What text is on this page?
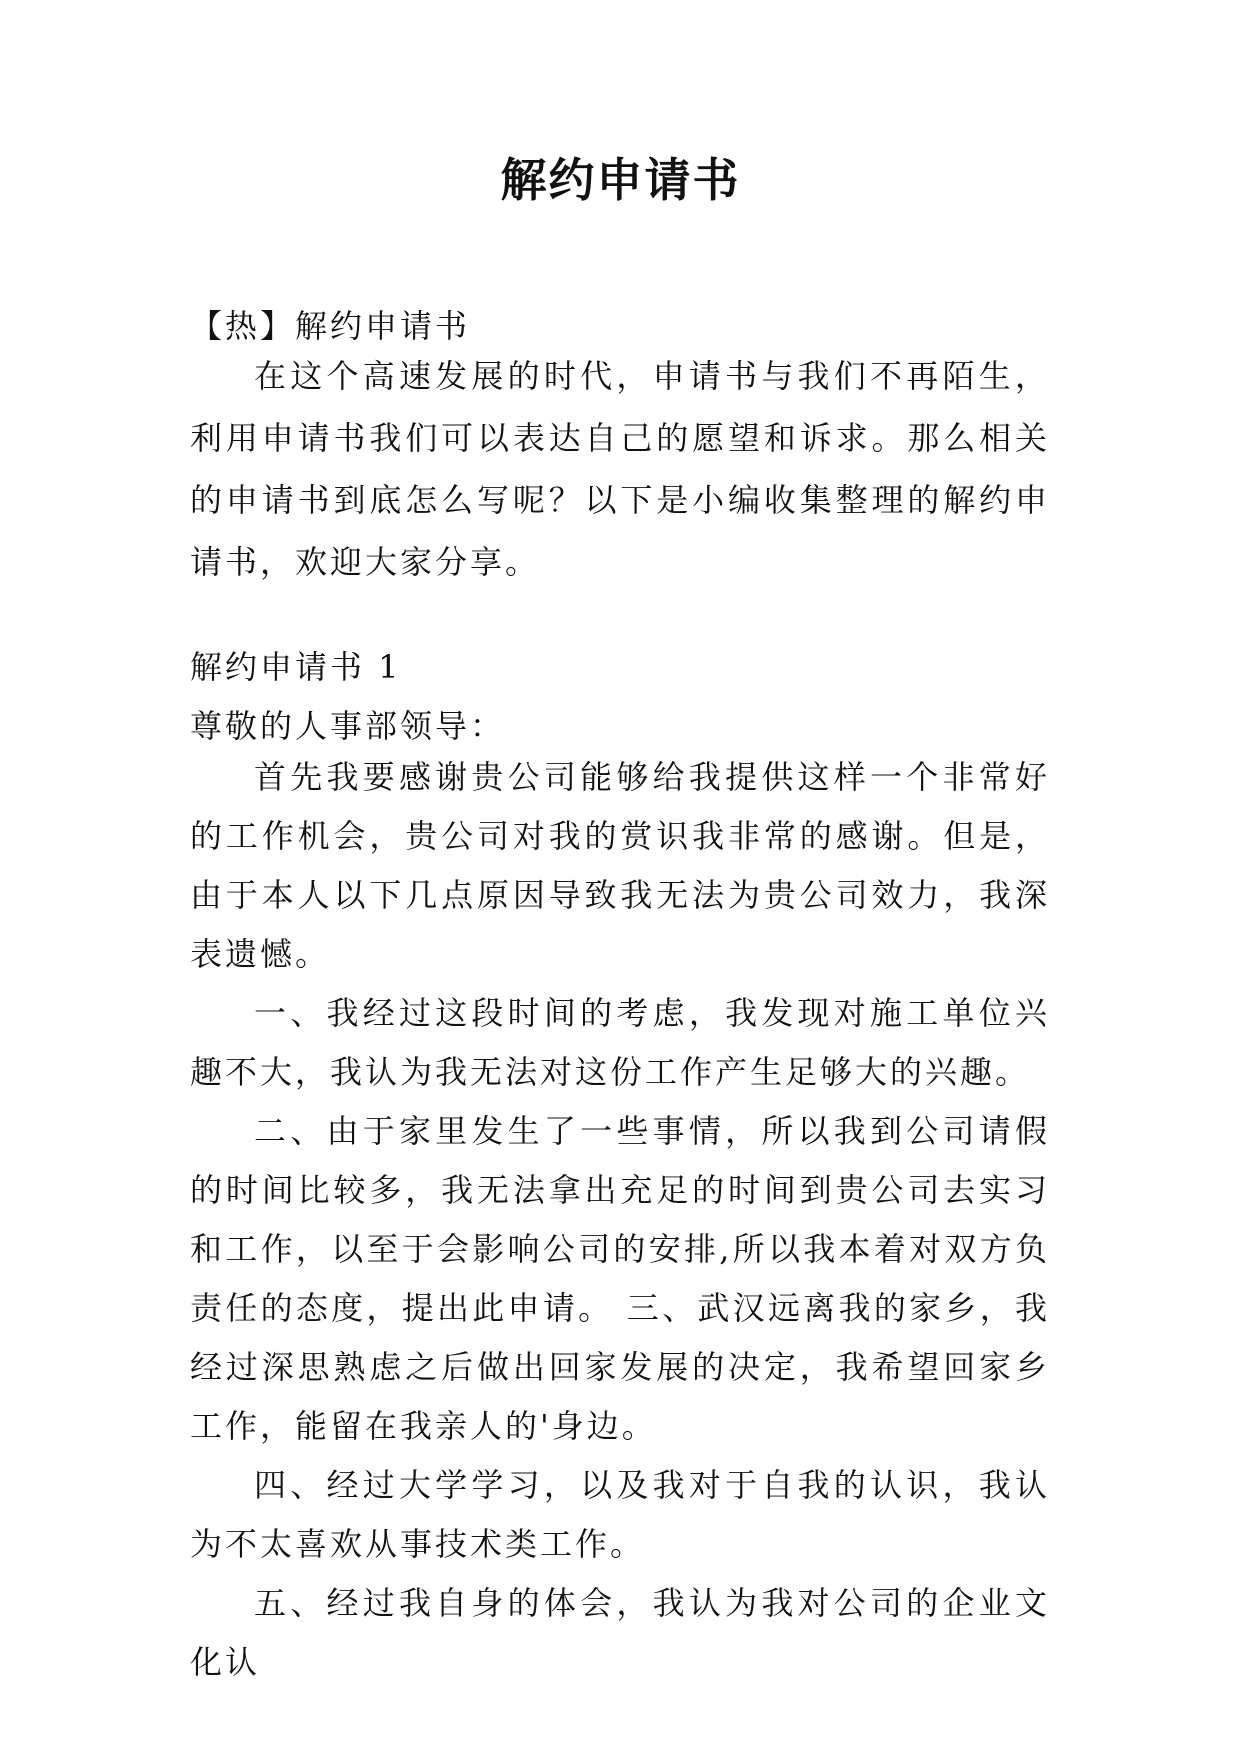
解约申请书
【热】解约申请书
在这个高速发展的时代，申请书与我们不再陌生，利用申请书我们可以表达自己的愿望和诉求。那么相关的申请书到底怎么写呢？以下是小编收集整理的解约申请书，欢迎大家分享。
解约申请书 1
尊敬的人事部领导：

首先我要感谢贵公司能够给我提供这样一个非常好的工作机会，贵公司对我的赏识我非常的感谢。但是，由于本人以下几点原因导致我无法为贵公司效力，我深表遗憾。

一、我经过这段时间的考虑，我发现对施工单位兴趣不大，我认为我无法对这份工作产生足够大的兴趣。

二、由于家里发生了一些事情，所以我到公司请假的时间比较多，我无法拿出充足的时间到贵公司去实习和工作，以至于会影响公司的安排,所以我本着对双方负责任的态度，提出此申请。 三、武汉远离我的家乡，我经过深思熟虑之后做出回家发展的决定，我希望回家乡工作，能留在我亲人的'身边。

四、经过大学学习，以及我对于自我的认识，我认为不太喜欢从事技术类工作。

五、经过我自身的体会，我认为我对公司的企业文化认
